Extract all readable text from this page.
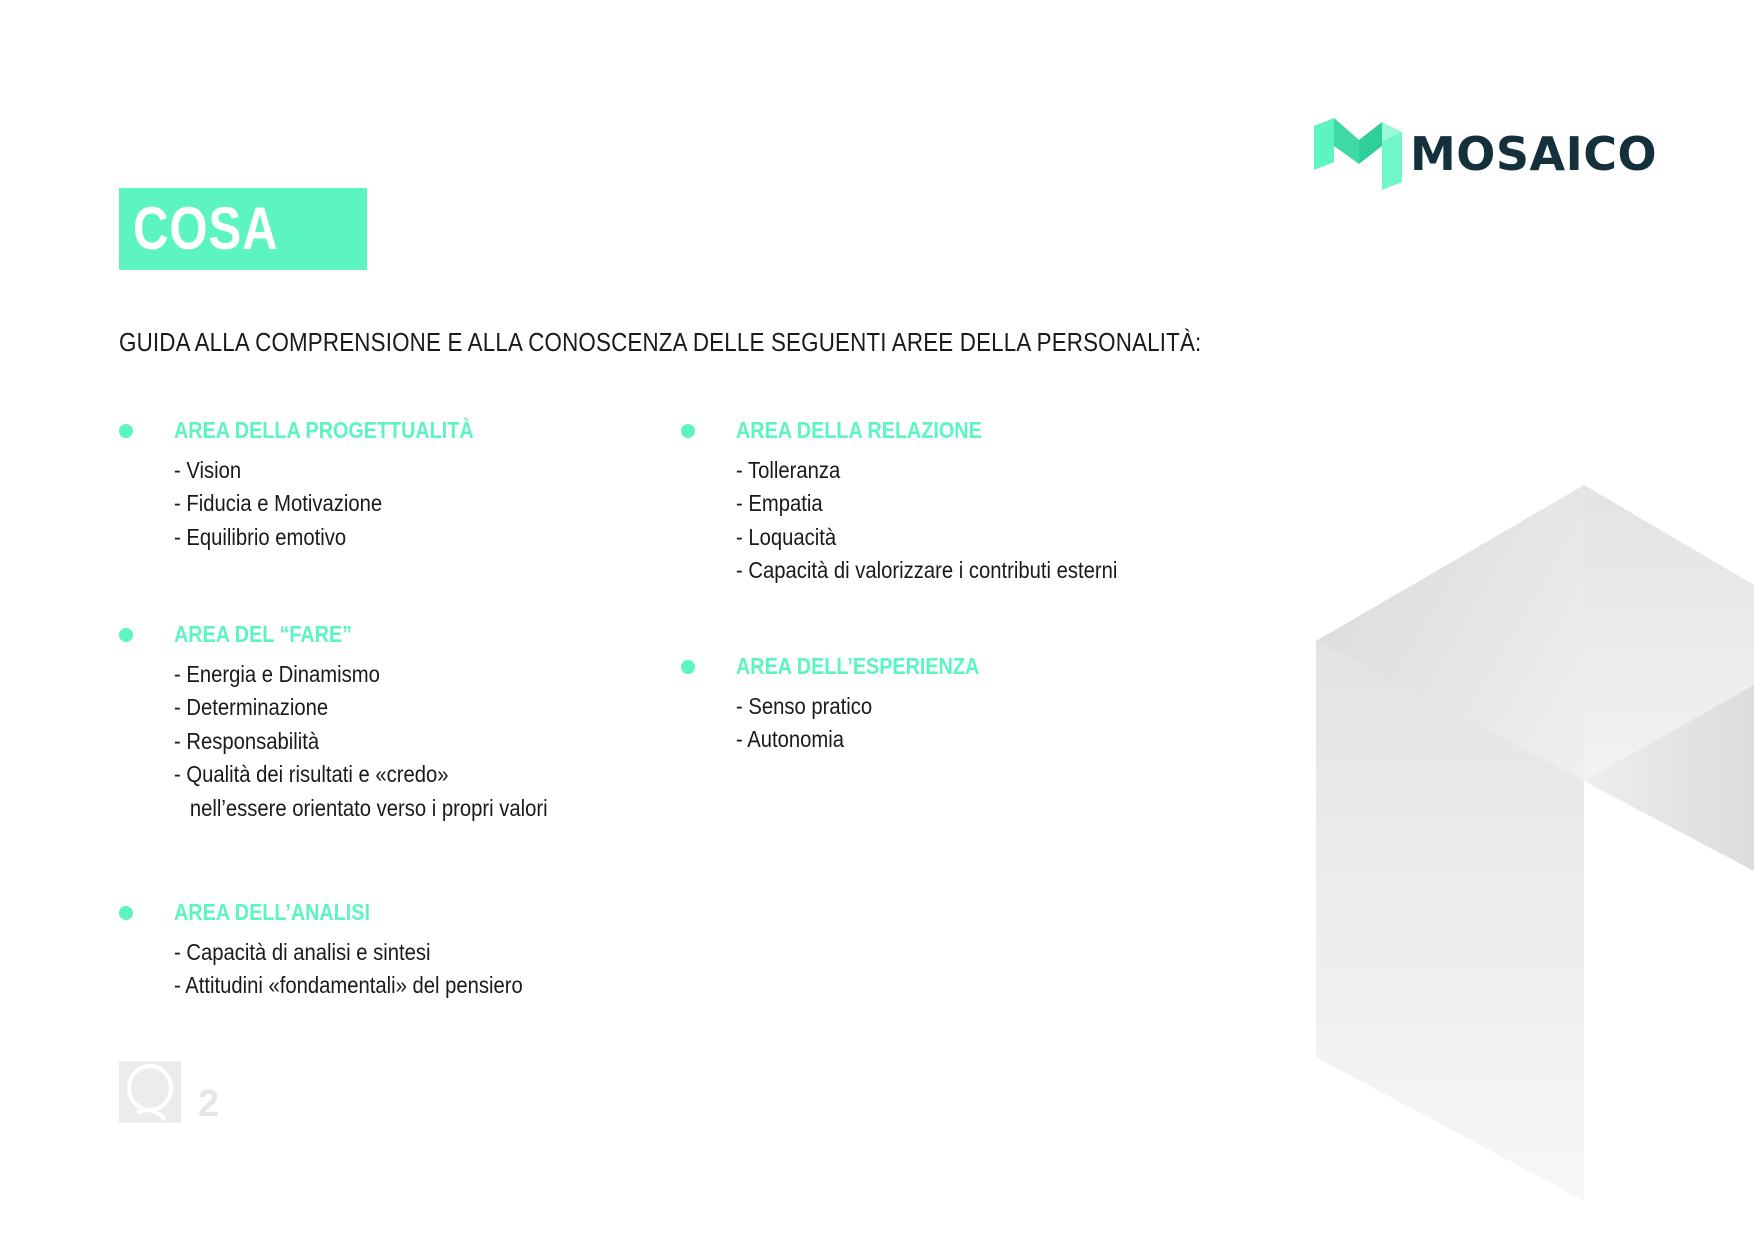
MOSAICO
COSA FA
GUIDA ALLA COMPRENSIONE E ALLA CONOSCENZA DELLE SEGUENTI AREE DELLA PERSONALITÀ:
AREA DELLA PROGETTUALITÀ
- Vision
- Fiducia e Motivazione
- Equilibrio emotivo
AREA DEL “FARE”
- Energia e Dinamismo
- Determinazione
- Responsabilità
- Qualità dei risultati e «credo»
nell’essere orientato verso i propri valori
AREA DELL’ANALISI
- Capacità di analisi e sintesi
- Attitudini «fondamentali» del pensiero
AREA DELLA RELAZIONE
- Tolleranza
- Empatia
- Loquacità
- Capacità di valorizzare i contributi esterni
AREA DELL’ESPERIENZA
- Senso pratico
- Autonomia
2
